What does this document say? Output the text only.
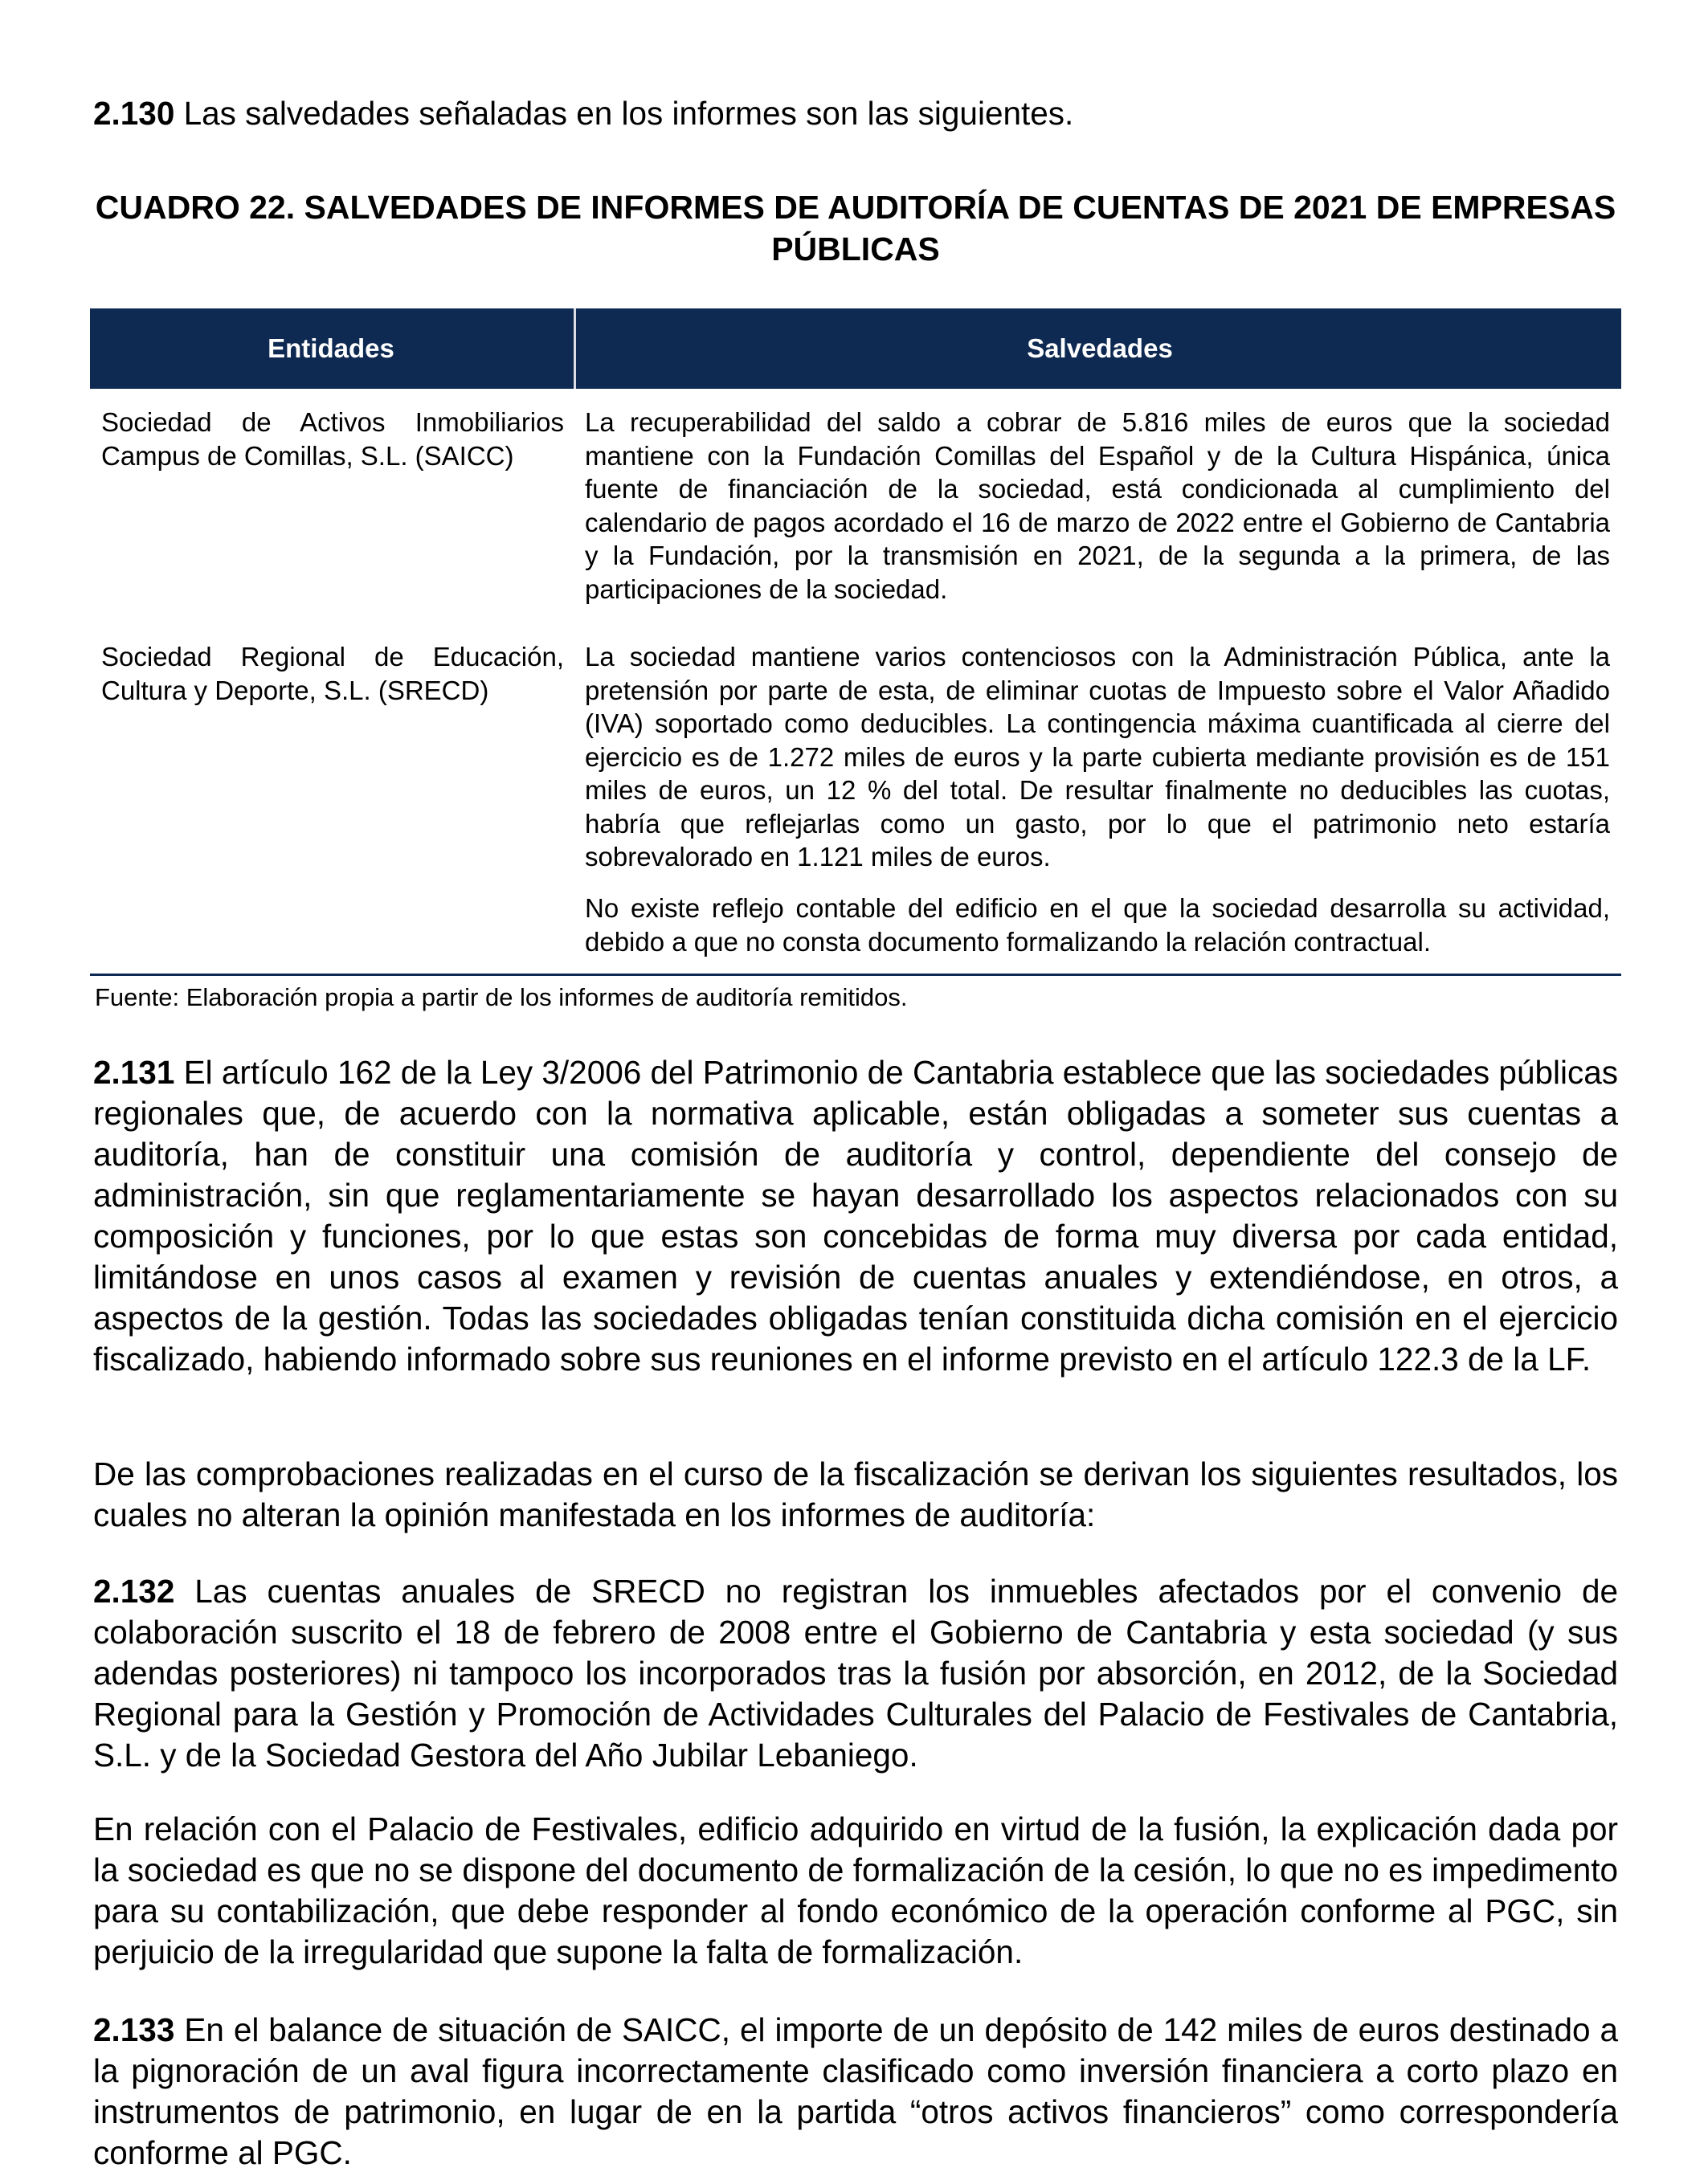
2.130 Las salvedades señaladas en los informes son las siguientes.

CUADRO 22. SALVEDADES DE INFORMES DE AUDITORÍA DE CUENTAS DE 2021 DE EMPRESAS PÚBLICAS

Entidades	Salvedades

Sociedad de Activos Inmobiliarios Campus de Comillas, S.L. (SAICC)

La recuperabilidad del saldo a cobrar de 5.816 miles de euros que la sociedad mantiene con la Fundación Comillas del Español y de la Cultura Hispánica, única fuente de financiación de la sociedad, está condicionada al cumplimiento del calendario de pagos acordado el 16 de marzo de 2022 entre el Gobierno de Cantabria y la Fundación, por la transmisión en 2021, de la segunda a la primera, de las participaciones de la sociedad.

Sociedad Regional de Educación, Cultura y Deporte, S.L. (SRECD)

La sociedad mantiene varios contenciosos con la Administración Pública, ante la pretensión por parte de esta, de eliminar cuotas de Impuesto sobre el Valor Añadido (IVA) soportado como deducibles. La contingencia máxima cuantificada al cierre del ejercicio es de 1.272 miles de euros y la parte cubierta mediante provisión es de 151 miles de euros, un 12 % del total. De resultar finalmente no deducibles las cuotas, habría que reflejarlas como un gasto, por lo que el patrimonio neto estaría sobrevalorado en 1.121 miles de euros.

No existe reflejo contable del edificio en el que la sociedad desarrolla su actividad, debido a que no consta documento formalizando la relación contractual.

Fuente: Elaboración propia a partir de los informes de auditoría remitidos.

2.131 El artículo 162 de la Ley 3/2006 del Patrimonio de Cantabria establece que las sociedades públicas regionales que, de acuerdo con la normativa aplicable, están obligadas a someter sus cuentas a auditoría, han de constituir una comisión de auditoría y control, dependiente del consejo de administración, sin que reglamentariamente se hayan desarrollado los aspectos relacionados con su composición y funciones, por lo que estas son concebidas de forma muy diversa por cada entidad, limitándose en unos casos al examen y revisión de cuentas anuales y extendiéndose, en otros, a aspectos de la gestión. Todas las sociedades obligadas tenían constituida dicha comisión en el ejercicio fiscalizado, habiendo informado sobre sus reuniones en el informe previsto en el artículo 122.3 de la LF.

De las comprobaciones realizadas en el curso de la fiscalización se derivan los siguientes resultados, los cuales no alteran la opinión manifestada en los informes de auditoría:

2.132 Las cuentas anuales de SRECD no registran los inmuebles afectados por el convenio de colaboración suscrito el 18 de febrero de 2008 entre el Gobierno de Cantabria y esta sociedad (y sus adendas posteriores) ni tampoco los incorporados tras la fusión por absorción, en 2012, de la Sociedad Regional para la Gestión y Promoción de Actividades Culturales del Palacio de Festivales de Cantabria, S.L. y de la Sociedad Gestora del Año Jubilar Lebaniego.

En relación con el Palacio de Festivales, edificio adquirido en virtud de la fusión, la explicación dada por la sociedad es que no se dispone del documento de formalización de la cesión, lo que no es impedimento para su contabilización, que debe responder al fondo económico de la operación conforme al PGC, sin perjuicio de la irregularidad que supone la falta de formalización.

2.133 En el balance de situación de SAICC, el importe de un depósito de 142 miles de euros destinado a la pignoración de un aval figura incorrectamente clasificado como inversión financiera a corto plazo en instrumentos de patrimonio, en lugar de en la partida “otros activos financieros” como correspondería conforme al PGC.
